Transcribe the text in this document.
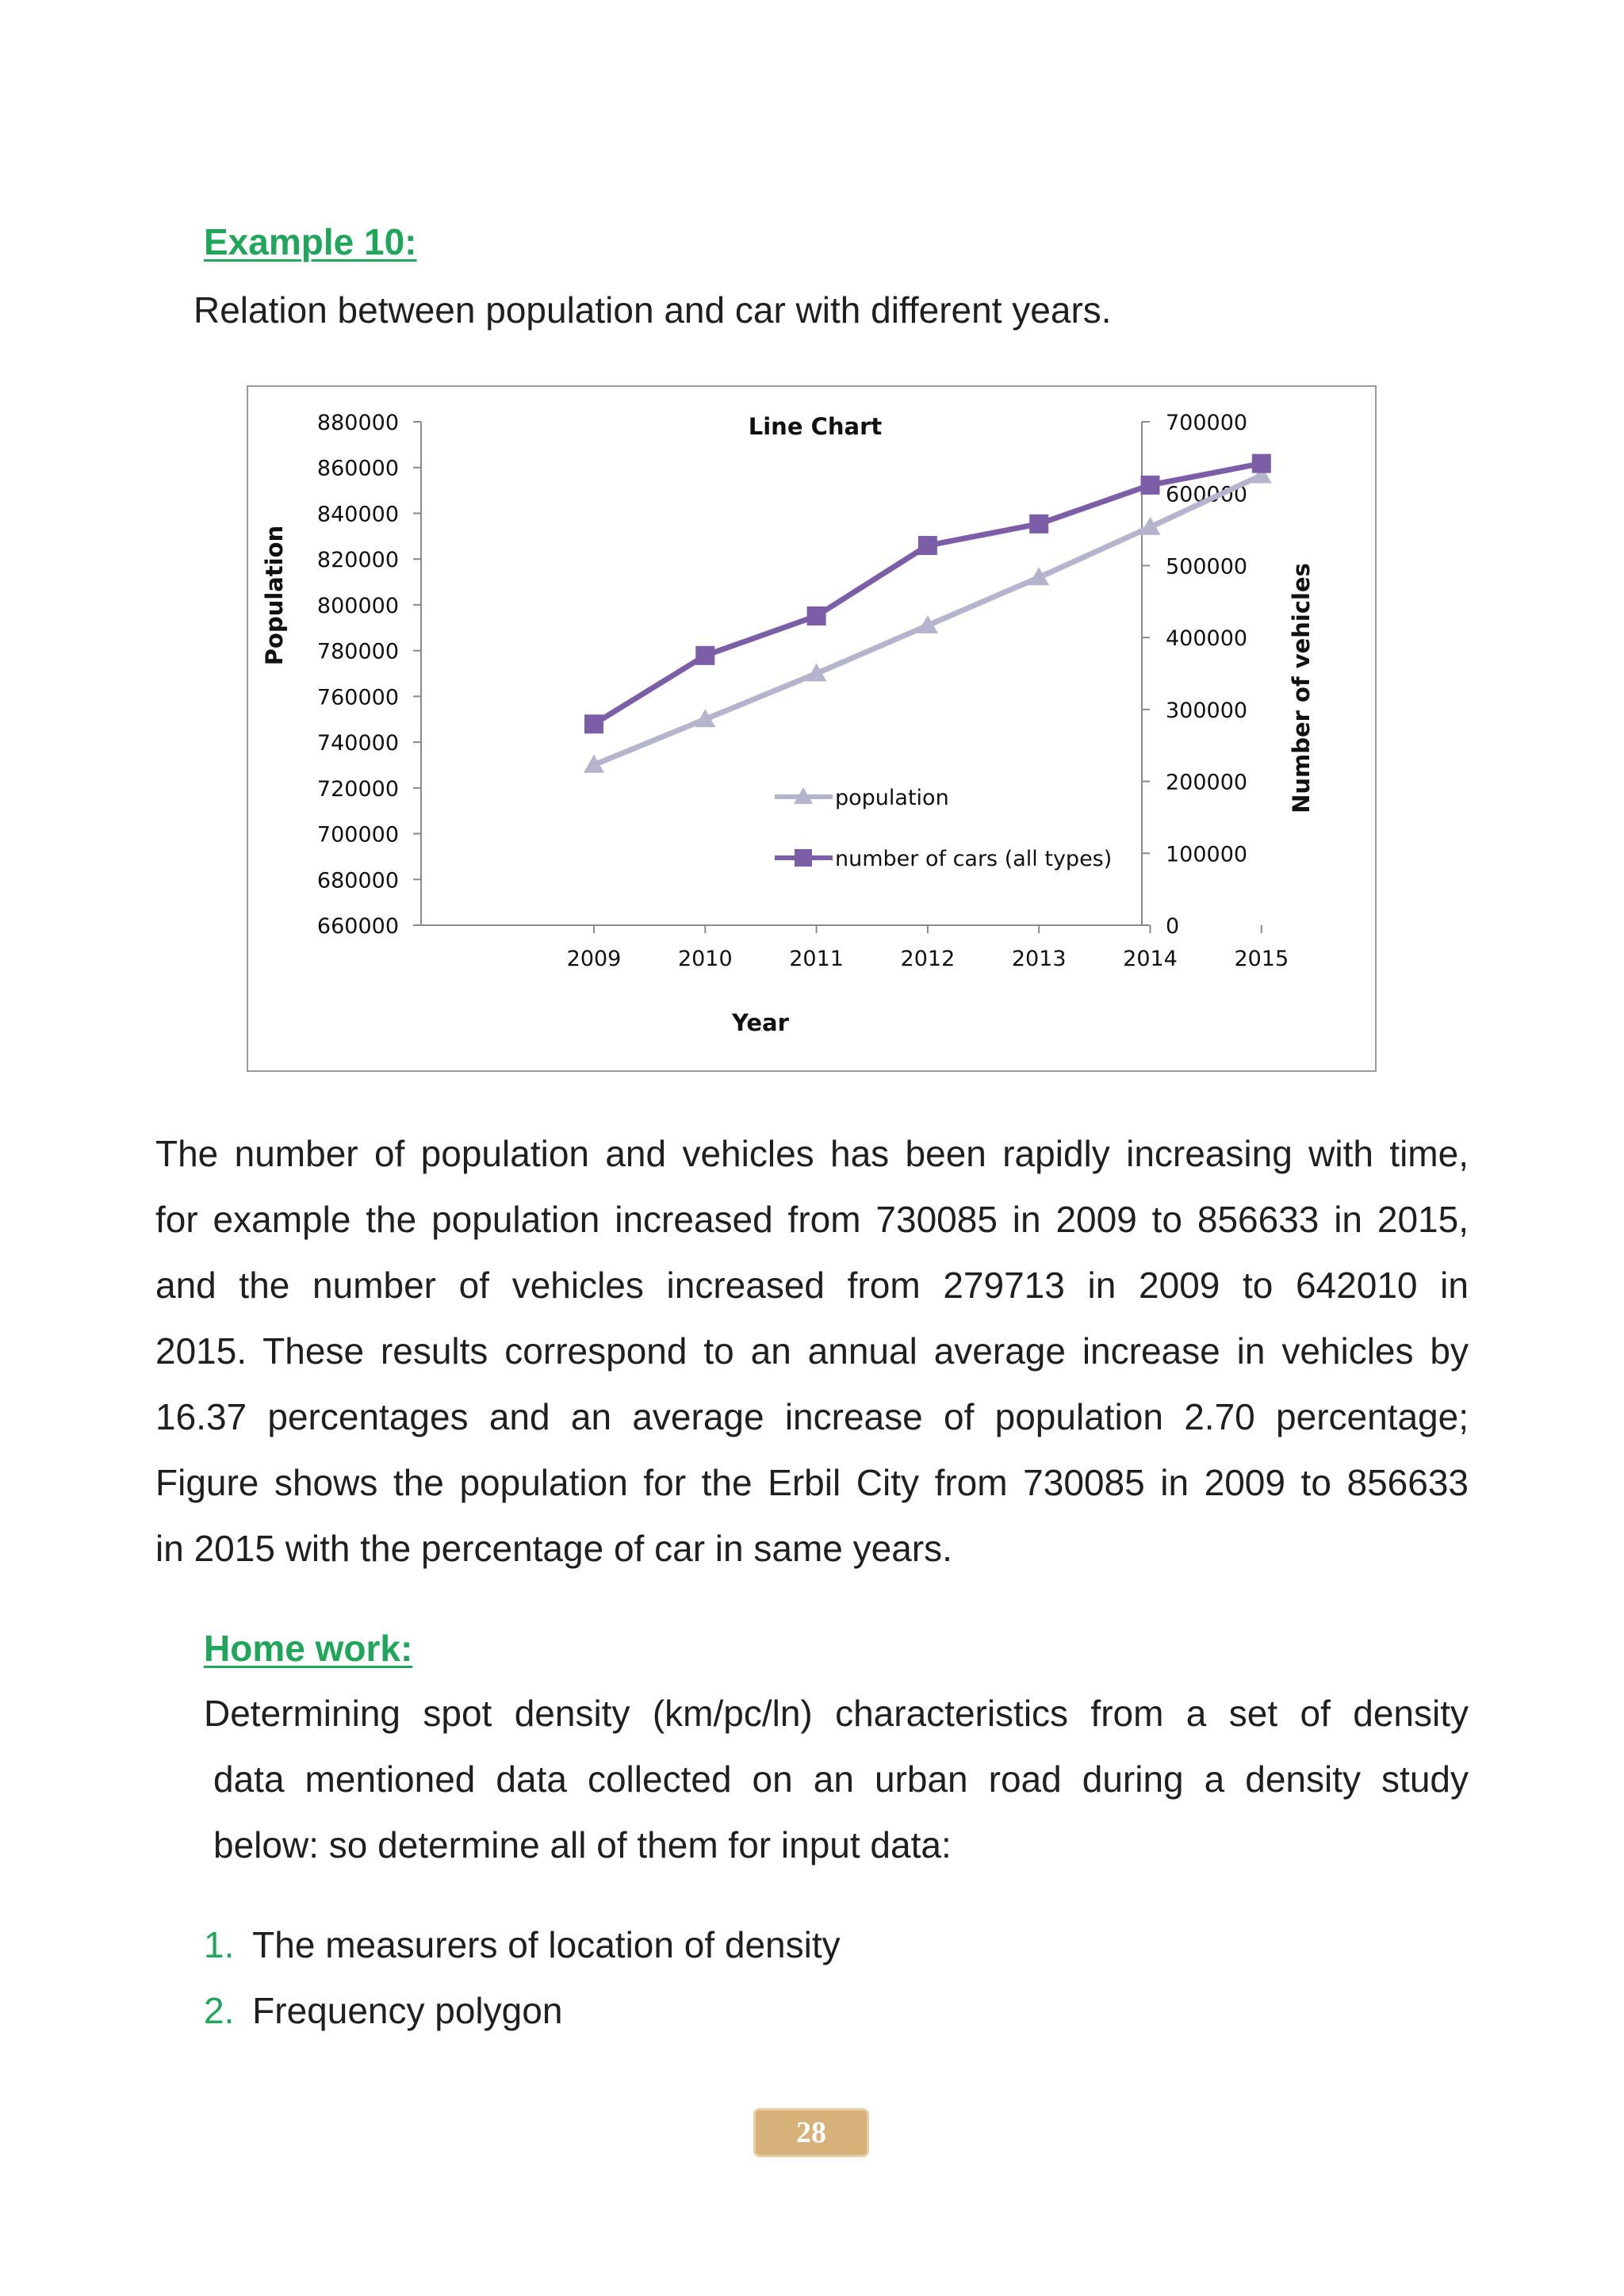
Example 10:
Relation between population and car with different years.
880000
860000
840000
820000
800000
780000
760000
740000
720000
700000
680000
660000
700000
600000
500000
400000
300000
200000
100000
0
2009	2010	2011	2012	2013	2014	2015
Line Chart
Year
Population	Number of vehicles
population
number of cars (all types)
The number of population and vehicles has been rapidly increasing with time,
for example the population increased from 730085 in 2009 to 856633 in 2015,
and the number of vehicles increased from 279713 in 2009 to 642010 in
2015. These results correspond to an annual average increase in vehicles by
16.37 percentages and an average increase of population 2.70 percentage;
Figure shows the population for the Erbil City from 730085 in 2009 to 856633
in 2015 with the percentage of car in same years.
Home work:
Determining spot density (km/pc/ln) characteristics from a set of density
data mentioned data collected on an urban road during a density study
below: so determine all of them for input data:
1. The measurers of location of density
2. Frequency polygon
28
